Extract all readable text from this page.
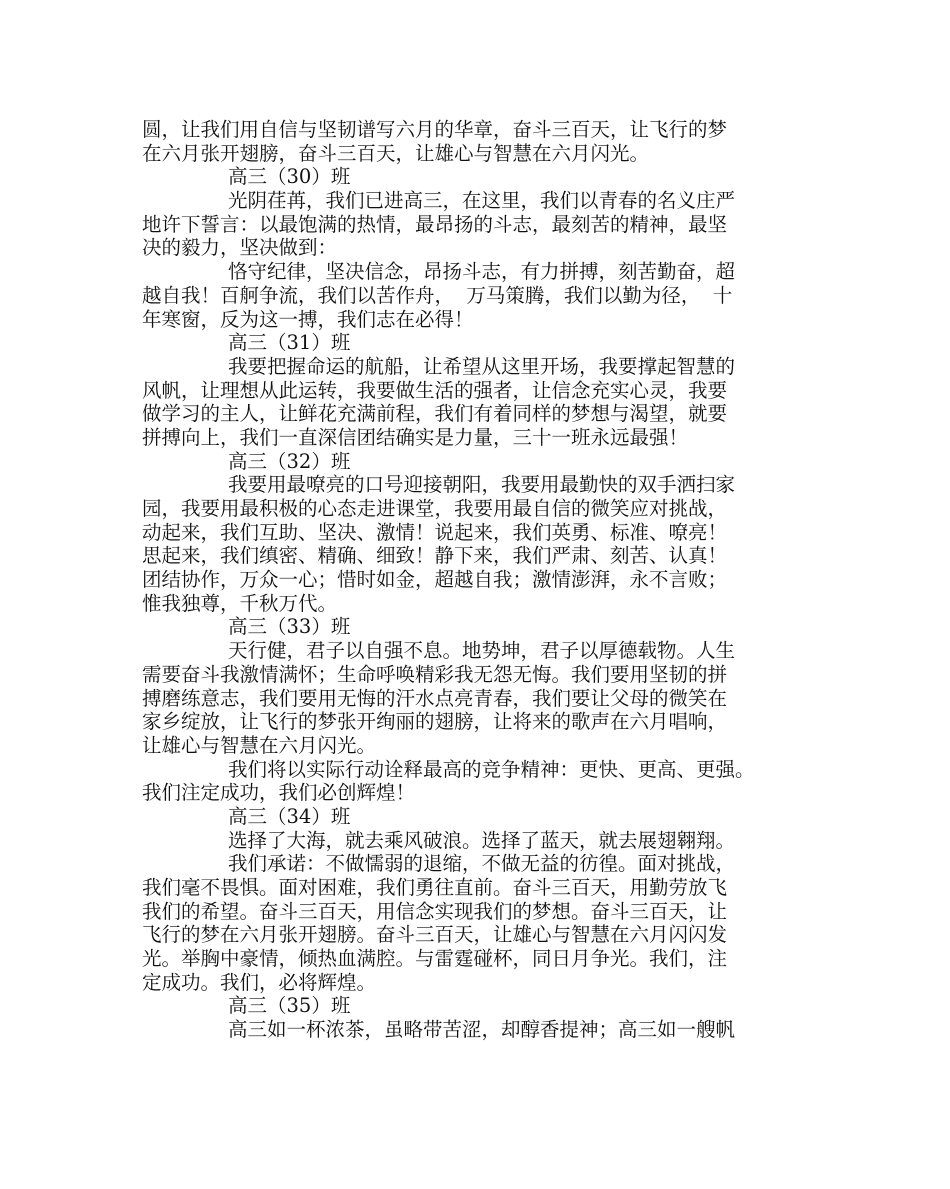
圆，让我们用自信与坚韧谱写六月的华章，奋斗三百天，让飞行的梦
在六月张开翅膀，奋斗三百天，让雄心与智慧在六月闪光。
高三（30）班
光阴荏苒，我们已进高三，在这里，我们以青春的名义庄严
地许下誓言：以最饱满的热情，最昂扬的斗志，最刻苦的精神，最坚
决的毅力，坚决做到：
恪守纪律，坚决信念，昂扬斗志，有力拼搏，刻苦勤奋，超
越自我！百舸争流，我们以苦作舟，  万马策腾，我们以勤为径，  十
年寒窗，反为这一搏，我们志在必得！
高三（31）班
我要把握命运的航船，让希望从这里开场，我要撑起智慧的
风帆，让理想从此运转，我要做生活的强者，让信念充实心灵，我要
做学习的主人，让鲜花充满前程，我们有着同样的梦想与渴望，就要
拼搏向上，我们一直深信团结确实是力量，三十一班永远最强！
高三（32）班
我要用最嘹亮的口号迎接朝阳，我要用最勤快的双手洒扫家
园，我要用最积极的心态走进课堂，我要用最自信的微笑应对挑战，
动起来，我们互助、坚决、激情！说起来，我们英勇、标准、嘹亮！
思起来，我们缜密、精确、细致！静下来，我们严肃、刻苦、认真！
团结协作，万众一心；惜时如金，超越自我；激情澎湃，永不言败；
惟我独尊，千秋万代。
高三（33）班
天行健，君子以自强不息。地势坤，君子以厚德载物。人生
需要奋斗我激情满怀；生命呼唤精彩我无怨无悔。我们要用坚韧的拼
搏磨练意志，我们要用无悔的汗水点亮青春，我们要让父母的微笑在
家乡绽放，让飞行的梦张开绚丽的翅膀，让将来的歌声在六月唱响，
让雄心与智慧在六月闪光。
我们将以实际行动诠释最高的竞争精神：更快、更高、更强。
我们注定成功，我们必创辉煌！
高三（34）班
选择了大海，就去乘风破浪。选择了蓝天，就去展翅翱翔。
我们承诺：不做懦弱的退缩，不做无益的彷徨。面对挑战，
我们毫不畏惧。面对困难，我们勇往直前。奋斗三百天，用勤劳放飞
我们的希望。奋斗三百天，用信念实现我们的梦想。奋斗三百天，让
飞行的梦在六月张开翅膀。奋斗三百天，让雄心与智慧在六月闪闪发
光。举胸中豪情，倾热血满腔。与雷霆碰杯，同日月争光。我们，注
定成功。我们，必将辉煌。
高三（35）班
高三如一杯浓茶，虽略带苦涩，却醇香提神；高三如一艘帆
